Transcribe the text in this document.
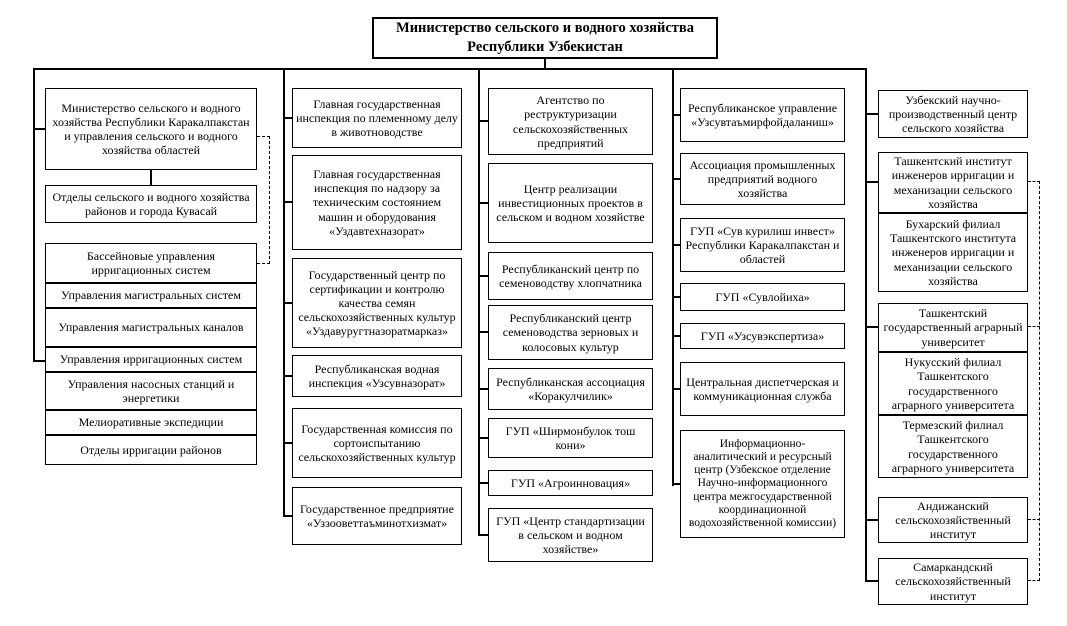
Министерство сельского и водного хозяйства Республики Узбекистан
Министерство сельского и водного хозяйства Республики Каракалпакстан и управления сельского и водного хозяйства областей
Отделы сельского и водного хозяйства районов и города Кувасай
Бассейновые управления ирригационных систем
Управления магистральных систем
Управления магистральных каналов
Управления ирригационных систем
Управления насосных станций и энергетики
Мелиоративные экспедиции
Отделы ирригации районов
Главная государственная инспекция по племенному делу в животноводстве
Главная государственная инспекция по надзору за техническим состоянием машин и оборудования «Уздавтехназорат»
Государственный центр по сертификации и контролю качества семян сельскохозяйственных культур «Уздавуругтназоратмарказ»
Республиканская водная инспекция «Узсувназорат»
Государственная комиссия по сортоиспытанию сельскохозяйственных культур
Государственное предприятие «Уззооветтаъминотхизмат»
Агентство по реструктуризации сельскохозяйственных предприятий
Центр реализации инвестиционных проектов в сельском и водном хозяйстве
Республиканский центр по семеноводству хлопчатника
Республиканский центр семеноводства зерновых и колосовых культур
Республиканская ассоциация «Коракулчилик»
ГУП «Ширмонбулок тош кони»
ГУП «Агроинновация»
ГУП «Центр стандартизации в сельском и водном хозяйстве»
Республиканское управление «Узсувтаъмирфойдаланиш»
Ассоциация промышленных предприятий водного хозяйства
ГУП «Сув курилиш инвест» Республики Каракалпакстан и областей
ГУП «Сувлойиха»
ГУП «Узсувэкспертиза»
Центральная диспетчерская и коммуникационная служба
Информационно-аналитический и ресурсный центр (Узбекское отделение Научно-информационного центра межгосударственной координационной водохозяйственной комиссии)
Узбекский научно-производственный центр сельского хозяйства
Ташкентский институт инженеров ирригации и механизации сельского хозяйства
Бухарский филиал Ташкентского института инженеров ирригации и механизации сельского хозяйства
Ташкентский государственный аграрный университет
Нукусский филиал Ташкентского государственного аграрного университета
Термезский филиал Ташкентского государственного аграрного университета
Андижанский сельскохозяйственный институт
Самаркандский сельскохозяйственный институт
